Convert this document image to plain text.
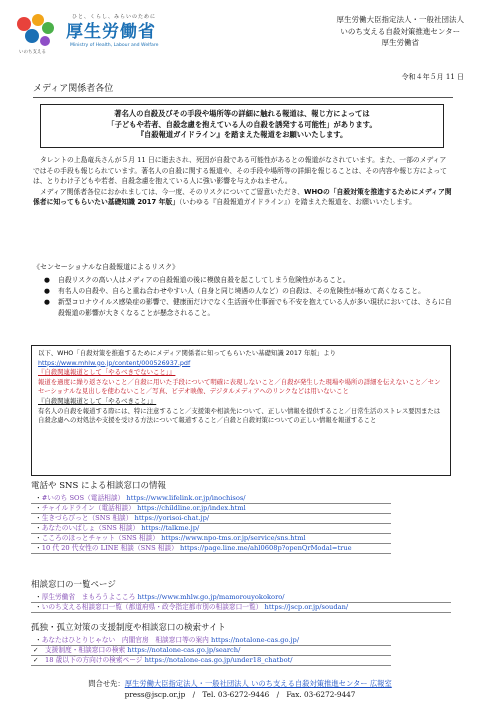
ひと、くらし、みらいのために
厚生労働省
Ministry of Health, Labour and Welfare
いのち支える
厚生労働大臣指定法人・一般社団法人
いのち支える自殺対策推進センター
厚生労働省
令和４年５月 11 日
メディア関係者各位
著名人の自殺及びその手段や場所等の詳細に触れる報道は、報じ方によっては
「子どもや若者、自殺念慮を抱えている人の自殺を誘発する可能性」があります。
『自殺報道ガイドライン』を踏まえた報道をお願いいたします。

タレントの上島竜兵さんが５月 11 日に逝去され、死因が自殺である可能性があるとの報道がなされています。また、一部のメディアではその手段も報じられています。著名人の自殺に関する報道や、その手段や場所等の詳細を報じることは、その内容や報じ方によっては、とりわけ子どもや若者、自殺念慮を抱えている人に強い影響を与えかねません。

メディア関係者各位におかれましては、今一度、そのリスクについてご留意いただき、WHOの「自殺対策を推進するためにメディア関係者に知ってもらいたい基礎知識 2017 年版」（いわゆる『自殺報道ガイドライン』）を踏まえた報道を、お願いいたします。

《センセーショナルな自殺報道によるリスク》
● 自殺リスクの高い人はメディアの自殺報道の後に模倣自殺を起こしてしまう危険性があること。
● 有名人の自殺や、自らと重ね合わせやすい人（自身と同じ境遇の人など）の自殺は、その危険性が極めて高くなること。
● 新型コロナウイルス感染症の影響で、健康面だけでなく生活面や仕事面でも不安を抱えている人が多い現状においては、さらに自殺報道の影響が大きくなることが懸念されること。
以下、WHO「自殺対策を推進するためにメディア関係者に知ってもらいたい基礎知識 2017 年版」より
https://www.mhlw.go.jp/content/000526937.pdf
『自殺関連報道として「やるべきでないこと」』
報道を過度に繰り返さないこと／自殺に用いた手段について明確に表現しないこと／自殺が発生した現場や場所の詳細を伝えないこと／センセーショナルな見出しを使わないこと／写真、ビデオ映像、デジタルメディアへのリンクなどは用いないこと
『自殺関連報道として「やるべきこと」』
有名人の自殺を報道する際には、特に注意すること／支援策や相談先について、正しい情報を提供すること／日常生活のストレス要因または自殺念慮への対処法や支援を受ける方法について報道すること／自殺と自殺対策についての正しい情報を報道すること
電話や SNS による相談窓口の情報
・#いのち SOS（電話相談） https://www.lifelink.or.jp/inochisos/
・チャイルドライン（電話相談） https://childline.or.jp/index.html
・生きづらびっと（SNS 相談） https://yorisoi-chat.jp/
・あなたのいばしょ（SNS 相談） https://talkme.jp/
・こころのほっとチャット（SNS 相談） https://www.npo-tms.or.jp/service/sns.html
・10 代 20 代女性の LINE 相談（SNS 相談） https://page.line.me/ahl0608p?openQrModal=true
相談窓口の一覧ページ
・厚生労働省　まもろうよこころ https://www.mhlw.go.jp/mamorouyokokoro/
・いのち支える相談窓口一覧（都道府県・政令指定都市別の相談窓口一覧） https://jscp.or.jp/soudan/
孤独・孤立対策の支援制度や相談窓口の検索サイト
・あなたはひとりじゃない　内閣官房　相談窓口等の案内 https://notalone-cas.go.jp/
✓ 支援制度・相談窓口の検索 https://notalone-cas.go.jp/search/
✓ 18 歳以下の方向けの検索ページ https://notalone-cas.go.jp/under18_chatbot/
問合せ先：厚生労働大臣指定法人・一般社団法人 いのち支える自殺対策推進センター 広報室
press@jscp.or.jp　/　Tel. 03-6272-9446　/　Fax. 03-6272-9447
